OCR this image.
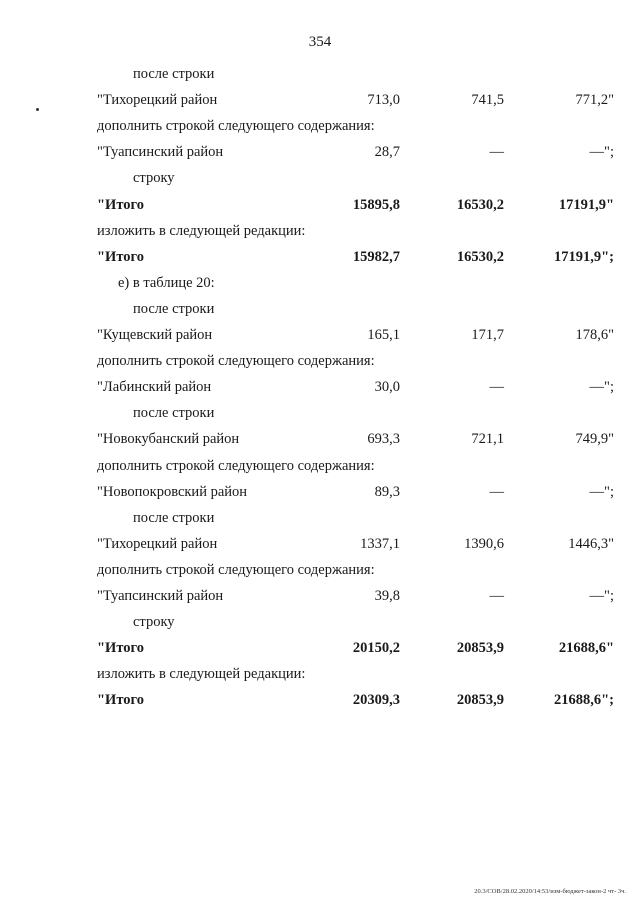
354
после строки
"Тихорецкий район	713,0	741,5	771,2"
дополнить строкой следующего содержания:
"Туапсинский район	28,7	—	—";
строку
"Итого	15895,8	16530,2	17191,9"
изложить в следующей редакции:
"Итого	15982,7	16530,2	17191,9";
е) в таблице 20:
после строки
"Кущевский район	165,1	171,7	178,6"
дополнить строкой следующего содержания:
"Лабинский район	30,0	—	—";
после строки
"Новокубанский район	693,3	721,1	749,9"
дополнить строкой следующего содержания:
"Новопокровский район	89,3	—	—";
после строки
"Тихорецкий район	1337,1	1390,6	1446,3"
дополнить строкой следующего содержания:
"Туапсинский район	39,8	—	—";
строку
"Итого	20150,2	20853,9	21688,6"
изложить в следующей редакции:
"Итого	20309,3	20853,9	21688,6";
20.3/СОВ/28.02.2020/14:53/изм-бюджет-закон-2 чт- 3ч.
